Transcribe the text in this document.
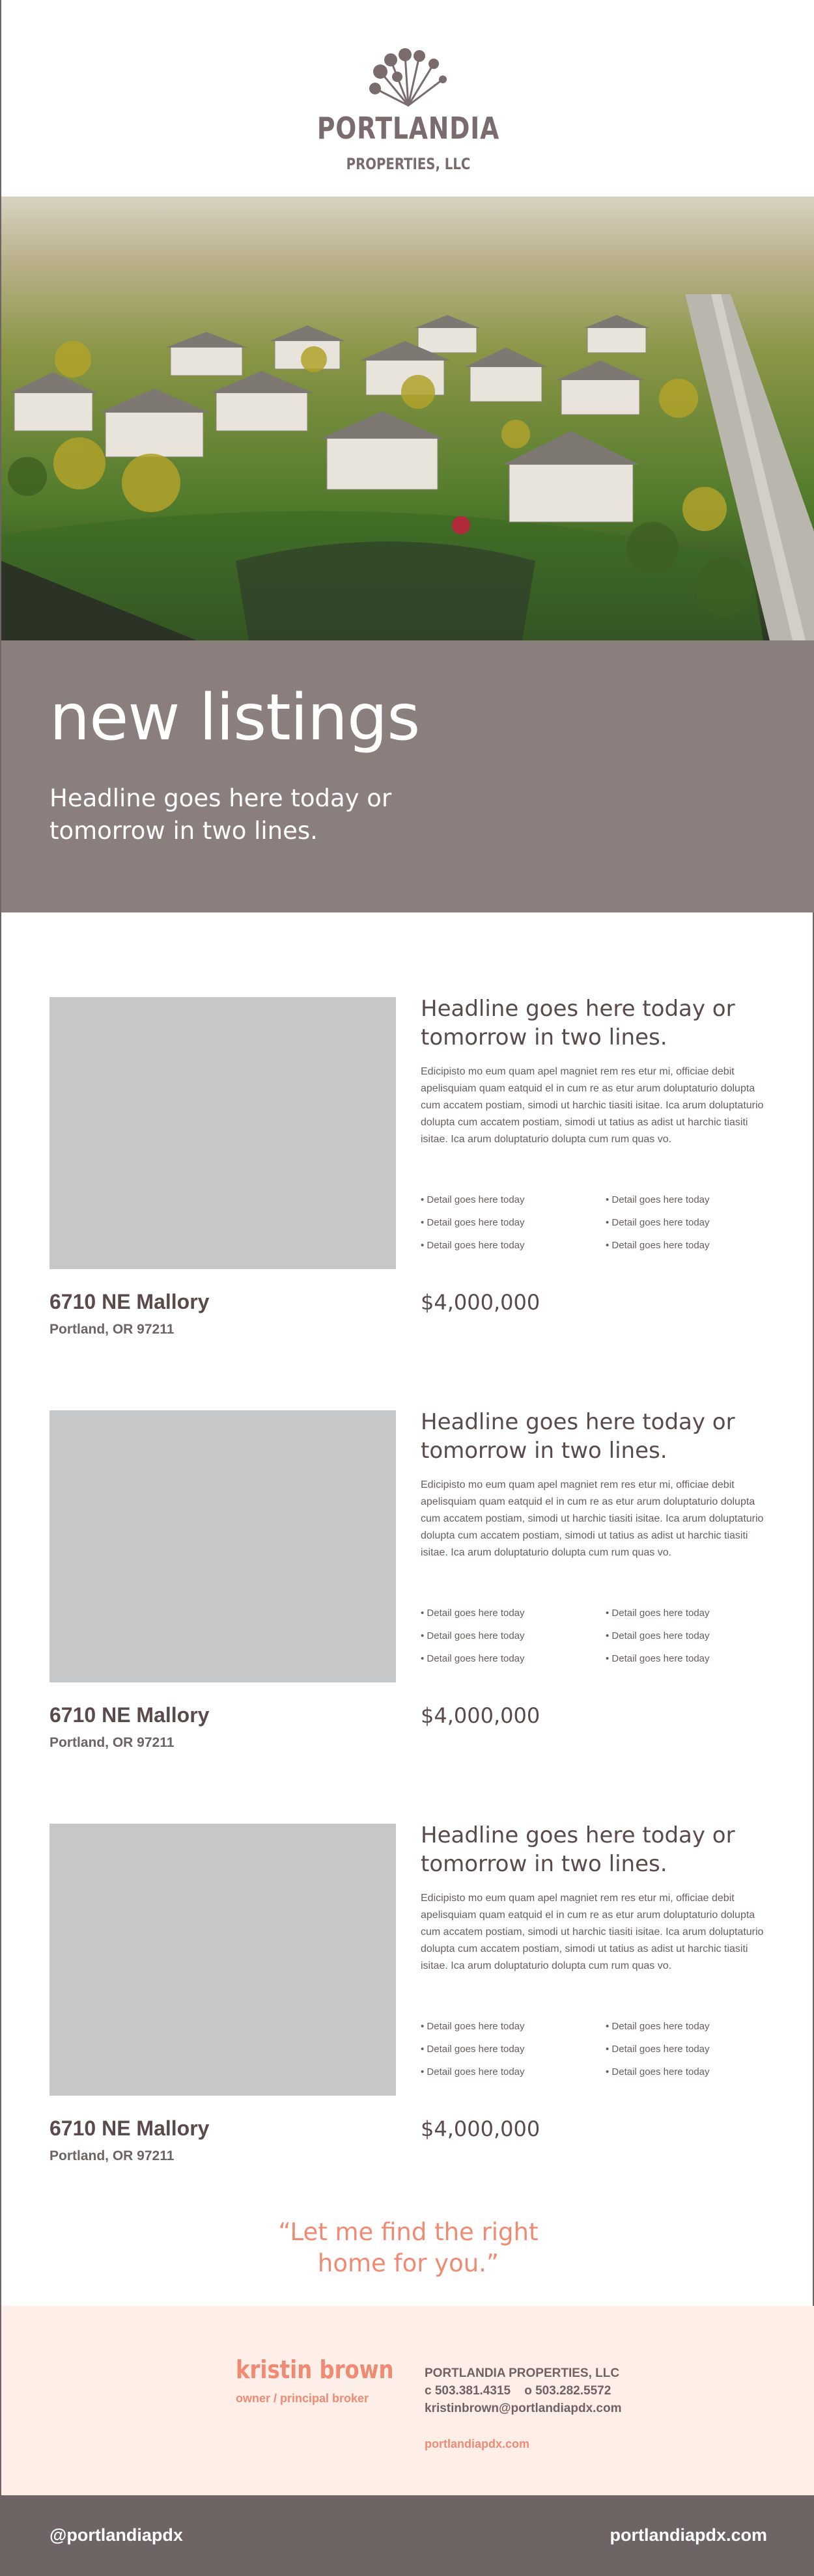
PORTLANDIA
PROPERTIES, LLC
new listings
Headline goes here today or tomorrow in two lines.
Headline goes here today or tomorrow in two lines.
Edicipisto mo eum quam apel magniet rem res etur mi, officiae debit apelisquiam quam eatquid el in cum re as etur arum doluptaturio dolupta cum accatem postiam, simodi ut harchic tiasiti isitae. Ica arum doluptaturio dolupta cum accatem postiam, simodi ut tatius as adist ut harchic tiasiti isitae. Ica arum doluptaturio dolupta cum rum quas vo.
• Detail goes here today	• Detail goes here today
• Detail goes here today	• Detail goes here today
• Detail goes here today	• Detail goes here today
6710 NE Mallory
Portland, OR 97211
$4,000,000
Headline goes here today or tomorrow in two lines.
Edicipisto mo eum quam apel magniet rem res etur mi, officiae debit apelisquiam quam eatquid el in cum re as etur arum doluptaturio dolupta cum accatem postiam, simodi ut harchic tiasiti isitae. Ica arum doluptaturio dolupta cum accatem postiam, simodi ut tatius as adist ut harchic tiasiti isitae. Ica arum doluptaturio dolupta cum rum quas vo.
• Detail goes here today	• Detail goes here today
• Detail goes here today	• Detail goes here today
• Detail goes here today	• Detail goes here today
6710 NE Mallory
Portland, OR 97211
$4,000,000
Headline goes here today or tomorrow in two lines.
Edicipisto mo eum quam apel magniet rem res etur mi, officiae debit apelisquiam quam eatquid el in cum re as etur arum doluptaturio dolupta cum accatem postiam, simodi ut harchic tiasiti isitae. Ica arum doluptaturio dolupta cum accatem postiam, simodi ut tatius as adist ut harchic tiasiti isitae. Ica arum doluptaturio dolupta cum rum quas vo.
• Detail goes here today	• Detail goes here today
• Detail goes here today	• Detail goes here today
• Detail goes here today	• Detail goes here today
6710 NE Mallory
Portland, OR 97211
$4,000,000
“Let me find the right home for you.”
kristin brown
owner / principal broker
PORTLANDIA PROPERTIES, LLC
c 503.381.4315    o 503.282.5572
kristinbrown@portlandiapdx.com
portlandiapdx.com
@portlandiapdx	portlandiapdx.com
